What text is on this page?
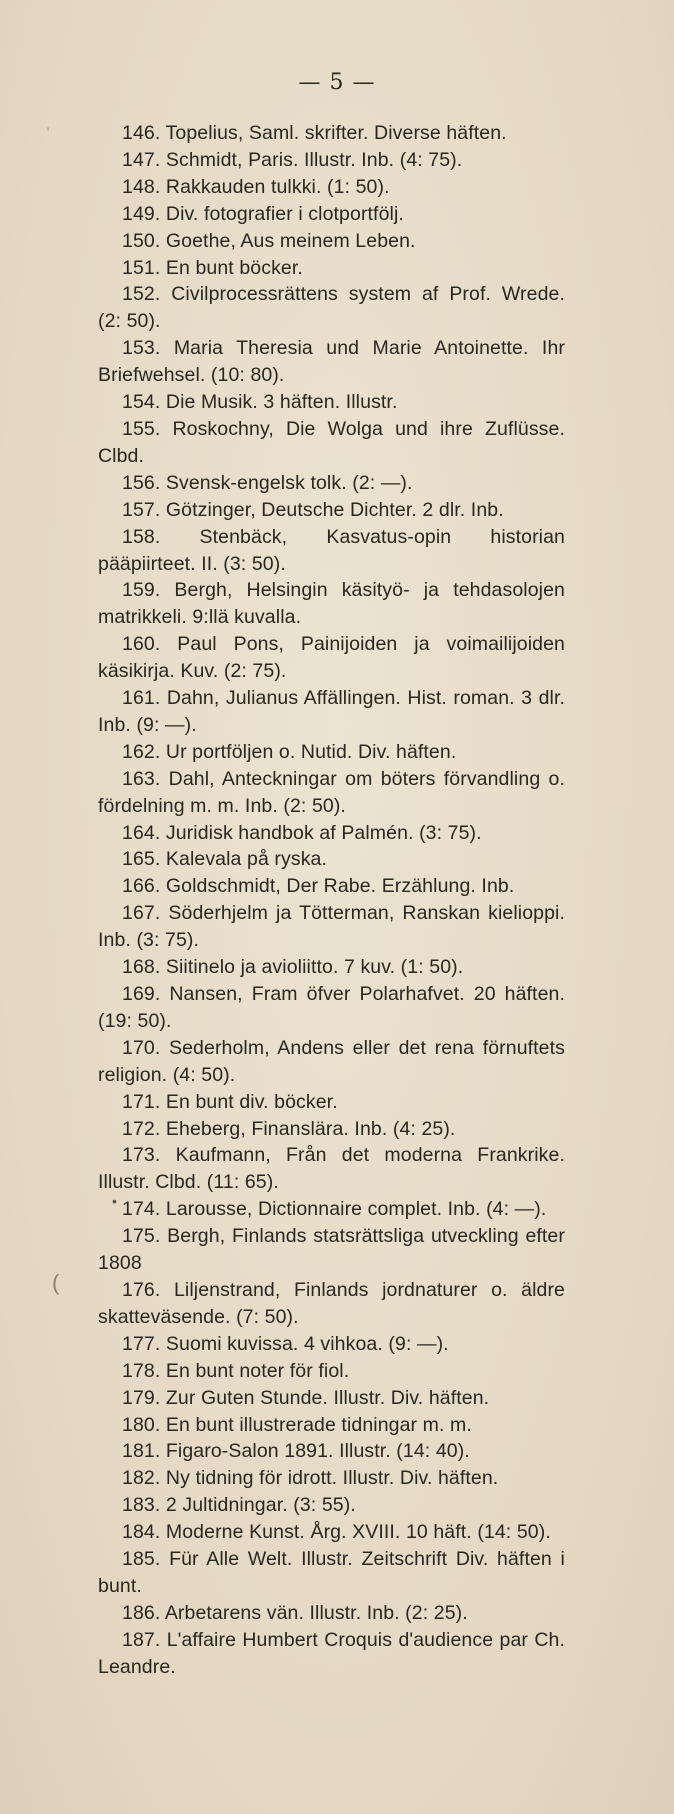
— 5 —
,
•
(

146. Topelius, Saml. skrifter. Diverse häften.

147. Schmidt, Paris. Illustr. Inb. (4: 75).

148. Rakkauden tulkki. (1: 50).

149. Div. fotografier i clotportfölj.

150. Goethe, Aus meinem Leben.

151. En bunt böcker.

152. Civilprocessrättens system af Prof. Wrede. (2: 50).

153. Maria Theresia und Marie Antoinette. Ihr Briefwehsel. (10: 80).

154. Die Musik. 3 häften. Illustr.

155. Roskochny, Die Wolga und ihre Zuflüsse. Clbd.

156. Svensk-engelsk tolk. (2: —).

157. Götzinger, Deutsche Dichter. 2 dlr. Inb.

158. Stenbäck, Kasvatus-opin historian pääpiirteet. II. (3: 50).

159. Bergh, Helsingin käsityö- ja tehdasolojen matrikkeli. 9:llä kuvalla.

160. Paul Pons, Painijoiden ja voimailijoiden käsikirja. Kuv. (2: 75).

161. Dahn, Julianus Affällingen. Hist. roman. 3 dlr. Inb. (9: —).

162. Ur portföljen o. Nutid. Div. häften.

163. Dahl, Anteckningar om böters förvandling o. fördelning m. m. Inb. (2: 50).

164. Juridisk handbok af Palmén. (3: 75).

165. Kalevala på ryska.

166. Goldschmidt, Der Rabe. Erzählung. Inb.

167. Söderhjelm ja Tötterman, Ranskan kielioppi. Inb. (3: 75).

168. Siitinelo ja avioliitto. 7 kuv. (1: 50).

169. Nansen, Fram öfver Polarhafvet. 20 häften. (19: 50).

170. Sederholm, Andens eller det rena förnuftets religion. (4: 50).

171. En bunt div. böcker.

172. Eheberg, Finanslära. Inb. (4: 25).

173. Kaufmann, Från det moderna Frankrike. Illustr. Clbd. (11: 65).

174. Larousse, Dictionnaire complet. Inb. (4: —).

175. Bergh, Finlands statsrättsliga utveckling efter 1808

176. Liljenstrand, Finlands jordnaturer o. äldre skatteväsende. (7: 50).

177. Suomi kuvissa. 4 vihkoa. (9: —).

178. En bunt noter för fiol.

179. Zur Guten Stunde. Illustr. Div. häften.

180. En bunt illustrerade tidningar m. m.

181. Figaro-Salon 1891. Illustr. (14: 40).

182. Ny tidning för idrott. Illustr. Div. häften.

183. 2 Jultidningar. (3: 55).

184. Moderne Kunst. Årg. XVIII. 10 häft. (14: 50).

185. Für Alle Welt. Illustr. Zeitschrift Div. häften i bunt.

186. Arbetarens vän. Illustr. Inb. (2: 25).

187. L'affaire Humbert Croquis d'audience par Ch. Leandre.
